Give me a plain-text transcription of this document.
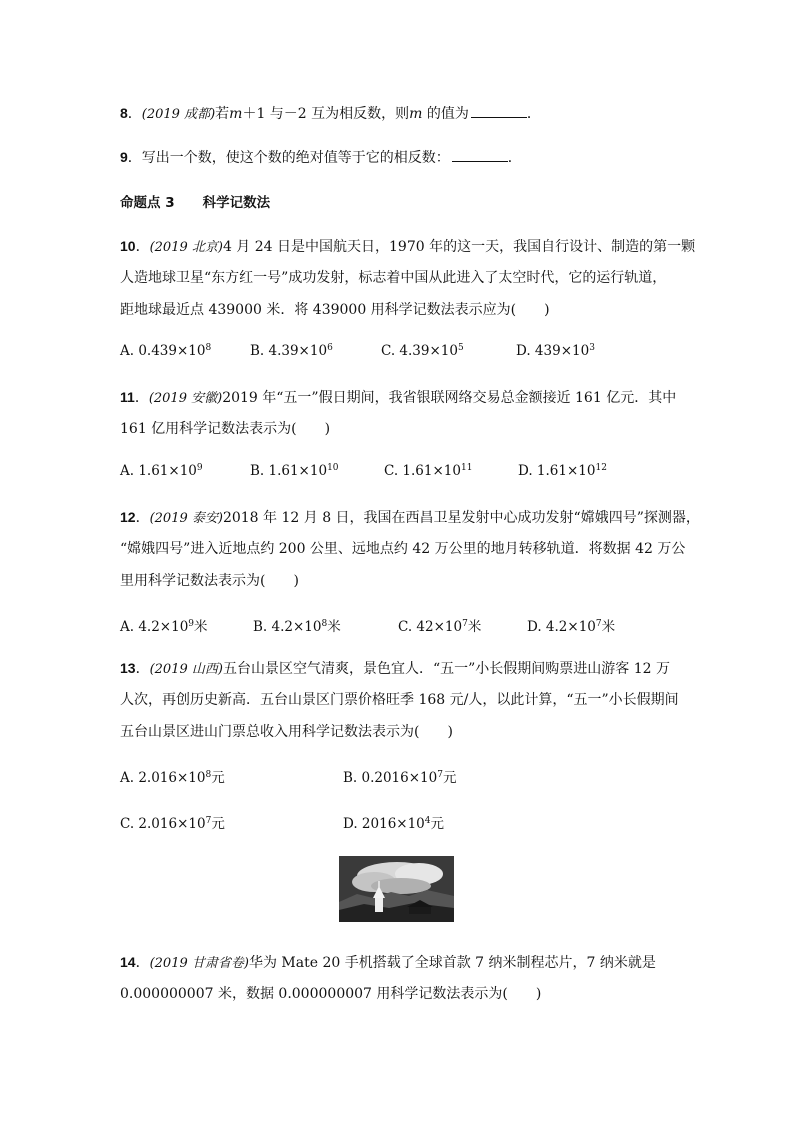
8．(2019 成都)若m＋1 与－2 互为相反数，则m 的值为	．
9．写出一个数，使这个数的绝对值等于它的相反数：	．
命题点 3 科学记数法
10．(2019 北京)4 月 24 日是中国航天日，1970 年的这一天，我国自行设计、制造的第一颗
人造地球卫星“东方红一号”成功发射，标志着中国从此进入了太空时代，它的运行轨道，
距地球最近点 439000 米．将 439000 用科学记数法表示应为(　　)
A. $0.439\times 10^8$	B. $4.39\times 10^6$	C. $4.39\times 10^5$	D. $439\times 10^3$
11．(2019 安徽)2019 年“五一”假日期间，我省银联网络交易总金额接近 161 亿元．其中
161 亿用科学记数法表示为(　　)
A. $1.61\times 10^9$	B. $1.61\times 10^{10}$	C. $1.61\times 10^{11}$	D. $1.61\times 10^{12}$
12．(2019 泰安)2018 年 12 月 8 日，我国在西昌卫星发射中心成功发射“嫦娥四号”探测器，
“嫦娥四号”进入近地点约 200 公里、远地点约 42 万公里的地月转移轨道．将数据 42 万公
里用科学记数法表示为(　　)
A. $4.2\times 10^9$米	B. $4.2\times 10^8$米	C. $42\times 10^7$米	D. $4.2\times 10^7$米
13．(2019 山西)五台山景区空气清爽，景色宜人．“五一”小长假期间购票进山游客 12 万
人次，再创历史新高．五台山景区门票价格旺季 168 元/人，以此计算，“五一”小长假期间
五台山景区进山门票总收入用科学记数法表示为(　　)
A. $2.016\times 10^8$元	B. $0.2016\times 10^7$元
C. $2.016\times 10^7$元	D. $2016\times 10^4$元
14．(2019 甘肃省卷)华为 Mate 20 手机搭载了全球首款 7 纳米制程芯片，7 纳米就是
0.000000007 米，数据 0.000000007 用科学记数法表示为(　　)
